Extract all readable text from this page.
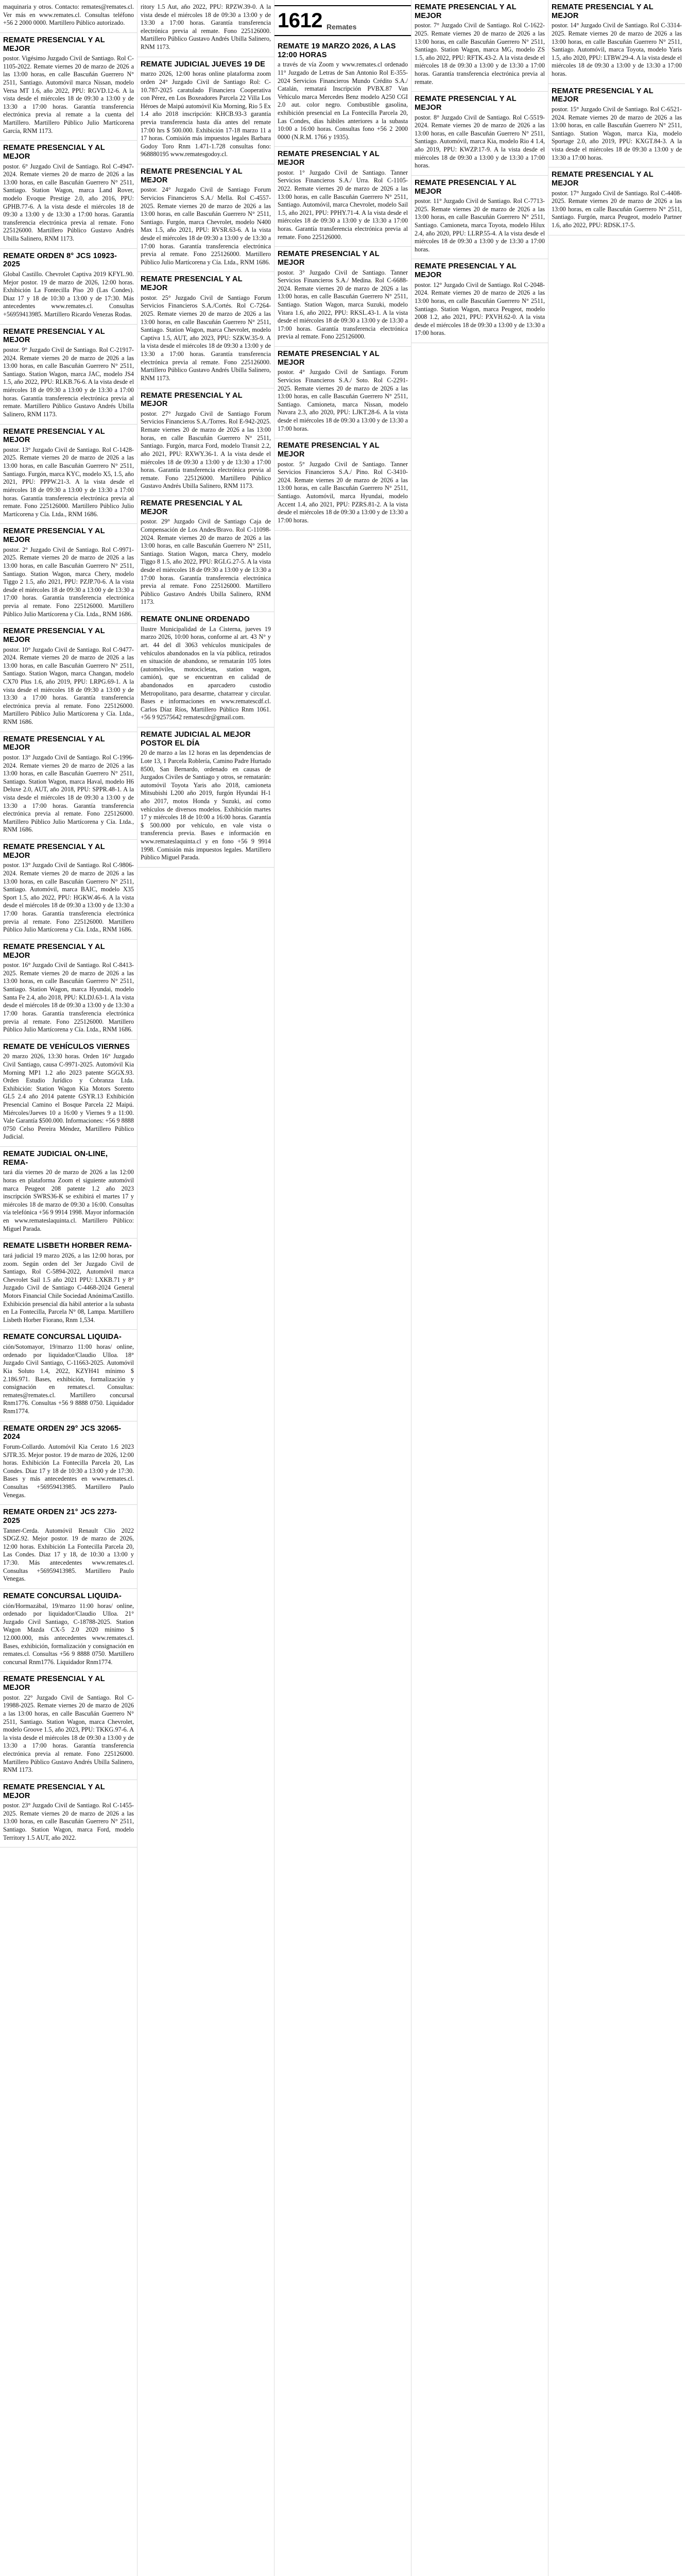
maquinaria y otros. Contacto: remates@remates.cl. Ver más en www.remates.cl. Consultas teléfono +56 2 2000 0000. Martillero Público autorizado.
REMATE PRESENCIAL Y AL MEJOR
postor. Vigésimo Juzgado Civil de Santiago. Rol C-1105-2022. Remate viernes 20 de marzo de 2026 a las 13:00 horas, en calle Bascuñán Guerrero N° 2511, Santiago. Automóvil marca Nissan, modelo Versa MT 1.6, año 2022, PPU: RGVD.12-6. A la vista desde el miércoles 18 de 09:30 a 13:00 y de 13:30 a 17:00 horas. Garantía transferencia electrónica previa al remate a la cuenta del Martillero. Martillero Público Julio Martícorena García, RNM 1173.
REMATE PRESENCIAL Y AL MEJOR
postor. 6° Juzgado Civil de Santiago. Rol C-4947-2024. Remate viernes 20 de marzo de 2026 a las 13:00 horas, en calle Bascuñán Guerrero N° 2511, Santiago. Station Wagon, marca Land Rover, modelo Evoque Prestige 2.0, año 2016, PPU: GPHB.77-6. A la vista desde el miércoles 18 de 09:30 a 13:00 y de 13:30 a 17:00 horas. Garantía transferencia electrónica previa al remate. Fono 225126000. Martillero Público Gustavo Andrés Ubilla Salinero, RNM 1173.
REMATE ORDEN 8° JCS 10923-2025
Global Castillo. Chevrolet Captiva 2019 KFYL.90. Mejor postor. 19 de marzo de 2026, 12:00 horas. Exhibición La Fontecilla Piso 20 (Las Condes). Diaz 17 y 18 de 10:30 a 13:00 y de 17:30. Más antecedentes www.remates.cl. Consultas +56959413985. Martillero Ricardo Venezas Rodas.
REMATE PRESENCIAL Y AL MEJOR
postor. 9° Juzgado Civil de Santiago. Rol C-21917-2024. Remate viernes 20 de marzo de 2026 a las 13:00 horas, en calle Bascuñán Guerrero N° 2511, Santiago. Station Wagon, marca JAC, modelo JS4 1.5, año 2022, PPU: RLKB.76-6. A la vista desde el miércoles 18 de 09:30 a 13:00 y de 13:30 a 17:00 horas. Garantía transferencia electrónica previa al remate. Martillero Público Gustavo Andrés Ubilla Salinero, RNM 1173.
REMATE PRESENCIAL Y AL MEJOR
postor. 13° Juzgado Civil de Santiago. Rol C-1428-2025. Remate viernes 20 de marzo de 2026 a las 13:00 horas, en calle Bascuñán Guerrero N° 2511, Santiago. Furgón, marca KYC, modelo X5, 1.5, año 2021, PPU: PPPW.21-3. A la vista desde el miércoles 18 de 09:30 a 13:00 y de 13:30 a 17:00 horas. Garantía transferencia electrónica previa al remate. Fono 225126000. Martillero Público Julio Martícorena y Cía. Ltda., RNM 1686.
REMATE PRESENCIAL Y AL MEJOR
postor. 2° Juzgado Civil de Santiago. Rol C-9971-2025. Remate viernes 20 de marzo de 2026 a las 13:00 horas, en calle Bascuñán Guerrero N° 2511, Santiago. Station Wagon, marca Chery, modelo Tiggo 2 1.5, año 2021, PPU: PZJP.70-6. A la vista desde el miércoles 18 de 09:30 a 13:00 y de 13:30 a 17:00 horas. Garantía transferencia electrónica previa al remate. Fono 225126000. Martillero Público Julio Martícorena y Cía. Ltda., RNM 1686.
REMATE PRESENCIAL Y AL MEJOR
postor. 10° Juzgado Civil de Santiago. Rol C-9477-2024. Remate viernes 20 de marzo de 2026 a las 13:00 horas, en calle Bascuñán Guerrero N° 2511, Santiago. Station Wagon, marca Changan, modelo CX70 Plus 1.6, año 2019, PPU: LRPG.69-1. A la vista desde el miércoles 18 de 09:30 a 13:00 y de 13:30 a 17:00 horas. Garantía transferencia electrónica previa al remate. Fono 225126000. Martillero Público Julio Martícorena y Cía. Ltda., RNM 1686.
REMATE PRESENCIAL Y AL MEJOR
postor. 13° Juzgado Civil de Santiago. Rol C-1996-2024. Remate viernes 20 de marzo de 2026 a las 13:00 horas, en calle Bascuñán Guerrero N° 2511, Santiago. Station Wagon, marca Haval, modelo H6 Deluxe 2.0, AUT, año 2018, PPU: SPPR.48-1. A la vista desde el miércoles 18 de 09:30 a 13:00 y de 13:30 a 17:00 horas. Garantía transferencia electrónica previa al remate. Fono 225126000. Martillero Público Julio Martícorena y Cía. Ltda., RNM 1686.
REMATE PRESENCIAL Y AL MEJOR
postor. 13° Juzgado Civil de Santiago. Rol C-9806-2024. Remate viernes 20 de marzo de 2026 a las 13:00 horas, en calle Bascuñán Guerrero N° 2511, Santiago. Automóvil, marca BAIC, modelo X35 Sport 1.5, año 2022, PPU: HGKW.46-6. A la vista desde el miércoles 18 de 09:30 a 13:00 y de 13:30 a 17:00 horas. Garantía transferencia electrónica previa al remate. Fono 225126000. Martillero Público Julio Martícorena y Cía. Ltda., RNM 1686.
REMATE PRESENCIAL Y AL MEJOR
postor. 16° Juzgado Civil de Santiago. Rol C-8413-2025. Remate viernes 20 de marzo de 2026 a las 13:00 horas, en calle Bascuñán Guerrero N° 2511, Santiago. Station Wagon, marca Hyundai, modelo Santa Fe 2.4, año 2018, PPU: KLDJ.63-1. A la vista desde el miércoles 18 de 09:30 a 13:00 y de 13:30 a 17:00 horas. Garantía transferencia electrónica previa al remate. Fono 225126000. Martillero Público Julio Martícorena y Cía. Ltda., RNM 1686.
REMATE DE VEHÍCULOS VIERNES
20 marzo 2026, 13:30 horas. Orden 16° Juzgado Civil Santiago, causa C-9971-2025. Automóvil Kia Morning MP1 1.2 año 2023 patente SGGX.93. Orden Estudio Jurídico y Cobranza Ltda. Exhibición: Station Wagon Kia Motors Sorento GL5 2.4 año 2014 patente GSYR.13 Exhibición Presencial Camino el Bosque Parcela 22 Maipú. Miércoles/Jueves 10 a 16:00 y Viernes 9 a 11:00. Vale Garantía $500.000. Informaciones: +56 9 8888 0750 Celso Pereira Méndez, Martillero Público Judicial.
REMATE JUDICIAL ON-LINE, REMA-
tará día viernes 20 de marzo de 2026 a las 12:00 horas en plataforma Zoom el siguiente automóvil marca Peugeot 208 patente 1.2 año 2023 inscripción SWRS36-K se exhibirá el martes 17 y miércoles 18 de marzo de 09:30 a 16:00. Consultas vía telefónica +56 9 9914 1998. Mayor información en www.remateslaquinta.cl. Martillero Público: Miguel Parada.
REMATE LISBETH HORBER REMA-
tará judicial 19 marzo 2026, a las 12:00 horas, por zoom. Según orden del 3er Juzgado Civil de Santiago, Rol C-5894-2022, Automóvil marca Chevrolet Sail 1.5 año 2021 PPU: LXKB.71 y 8° Juzgado Civil de Santiago C-4468-2024 General Motors Financial Chile Sociedad Anónima/Castillo. Exhibición presencial día hábil anterior a la subasta en La Fontecilla, Parcela N° 08, Lampa. Martillero Lisbeth Horber Fiorano, Rnm 1,534.
REMATE CONCURSAL LIQUIDA-
ción/Sotomayor, 19/marzo 11:00 horas/ online, ordenado por liquidador/Claudio Ulloa. 18° Juzgado Civil Santiago, C-11663-2025. Automóvil Kia Soluto 1.4, 2022, KZYH41 mínimo $ 2.186.971. Bases, exhibición, formalización y consignación en remates.cl. Consultas: remates@remates.cl. Martillero concursal Rnm1776. Consultas +56 9 8888 0750. Liquidador Rnm1774.
REMATE ORDEN 29° JCS 32065-2024
Forum-Collardo. Automóvil Kia Cerato 1.6 2023 SJTR.35. Mejor postor. 19 de marzo de 2026, 12:00 horas. Exhibición La Fontecilla Parcela 20, Las Condes. Diaz 17 y 18 de 10:30 a 13:00 y de 17:30. Bases y más antecedentes en www.remates.cl. Consultas +56959413985. Martillero Paulo Venegas.
REMATE ORDEN 21° JCS 2273-2025
Tanner-Cerda. Automóvil Renault Clio 2022 SDGZ.92. Mejor postor. 19 de marzo de 2026, 12:00 horas. Exhibición La Fontecilla Parcela 20, Las Condes. Diaz 17 y 18, de 10:30 a 13:00 y 17:30. Más antecedentes www.remates.cl. Consultas +56959413985. Martillero Paulo Venegas.
REMATE CONCURSAL LIQUIDA-
ción/Hormazábal, 19/marzo 11:00 horas/ online, ordenado por liquidador/Claudio Ulloa. 21° Juzgado Civil Santiago, C-18788-2025. Station Wagon Mazda CX-5 2.0 2020 mínimo $ 12.000.000, más antecedentes www.remates.cl. Bases, exhibición, formalización y consignación en remates.cl. Consultas +56 9 8888 0750. Martillero concursal Rnm1776. Liquidador Rnm1774.
REMATE PRESENCIAL Y AL MEJOR
postor. 22° Juzgado Civil de Santiago. Rol C-19988-2025. Remate viernes 20 de marzo de 2026 a las 13:00 horas, en calle Bascuñán Guerrero N° 2511, Santiago. Station Wagon, marca Chevrolet, modelo Groove 1.5, año 2023, PPU: TKKG.97-6. A la vista desde el miércoles 18 de 09:30 a 13:00 y de 13:30 a 17:00 horas. Garantía transferencia electrónica previa al remate. Fono 225126000. Martillero Público Gustavo Andrés Ubilla Salinero, RNM 1173.
REMATE PRESENCIAL Y AL MEJOR
postor. 23° Juzgado Civil de Santiago. Rol C-1455-2025. Remate viernes 20 de marzo de 2026 a las 13:00 horas, en calle Bascuñán Guerrero N° 2511, Santiago. Station Wagon, marca Ford, modelo Territory 1.5 AUT, año 2022.
ritory 1.5 Aut, año 2022, PPU: RPZW.39-0. A la vista desde el miércoles 18 de 09:30 a 13:00 y de 13:30 a 17:00 horas. Garantía transferencia electrónica previa al remate. Fono 225126000. Martillero Público Gustavo Andrés Ubilla Salinero, RNM 1173.
REMATE JUDICIAL JUEVES 19 DE
marzo 2026, 12:00 horas online plataforma zoom orden 24° Juzgado Civil de Santiago Rol: C-10.787-2025 caratulado Financiera Cooperativa con Pérez, en Los Boxeadores Parcela 22 Villa Los Héroes de Maipú automóvil Kia Morning, Rio 5 Ex 1.4 año 2018 inscripción: KHCB.93-3 garantía previa transferencia hasta día antes del remate 17:00 hrs $ 500.000. Exhibición 17-18 marzo 11 a 17 horas. Comisión más impuestos legales Barbara Godoy Toro Rnm 1.471-1.728 consultas fono: 968880195 www.rematesgodoy.cl.
REMATE PRESENCIAL Y AL MEJOR
postor. 24° Juzgado Civil de Santiago Forum Servicios Financieros S.A./ Mella. Rol C-4557-2025. Remate viernes 20 de marzo de 2026 a las 13:00 horas, en calle Bascuñán Guerrero N° 2511, Santiago. Furgón, marca Chevrolet, modelo N400 Max 1.5, año 2021, PPU: RVSR.63-6. A la vista desde el miércoles 18 de 09:30 a 13:00 y de 13:30 a 17:00 horas. Garantía transferencia electrónica previa al remate. Fono 225126000. Martillero Público Julio Martícorena y Cía. Ltda., RNM 1686.
REMATE PRESENCIAL Y AL MEJOR
postor. 25° Juzgado Civil de Santiago Forum Servicios Financieros S.A./Cortés. Rol C-7264-2025. Remate viernes 20 de marzo de 2026 a las 13:00 horas, en calle Bascuñán Guerrero N° 2511, Santiago. Station Wagon, marca Chevrolet, modelo Captiva 1.5, AUT, año 2023, PPU: SZKW.35-9. A la vista desde el miércoles 18 de 09:30 a 13:00 y de 13:30 a 17:00 horas. Garantía transferencia electrónica previa al remate. Fono 225126000. Martillero Público Gustavo Andrés Ubilla Salinero, RNM 1173.
REMATE PRESENCIAL Y AL MEJOR
postor. 27° Juzgado Civil de Santiago Forum Servicios Financieros S.A./Torres. Rol E-942-2025. Remate viernes 20 de marzo de 2026 a las 13:00 horas, en calle Bascuñán Guerrero N° 2511, Santiago. Furgón, marca Ford, modelo Transit 2.2, año 2021, PPU: RXWY.36-1. A la vista desde el miércoles 18 de 09:30 a 13:00 y de 13:30 a 17:00 horas. Garantía transferencia electrónica previa al remate. Fono 225126000. Martillero Público Gustavo Andrés Ubilla Salinero, RNM 1173.
REMATE PRESENCIAL Y AL MEJOR
postor. 29° Juzgado Civil de Santiago Caja de Compensación de Los Andes/Bravo. Rol C-11098-2024. Remate viernes 20 de marzo de 2026 a las 13:00 horas, en calle Bascuñán Guerrero N° 2511, Santiago. Station Wagon, marca Chery, modelo Tiggo 8 1.5, año 2022, PPU: RGLG.27-5. A la vista desde el miércoles 18 de 09:30 a 13:00 y de 13:30 a 17:00 horas. Garantía transferencia electrónica previa al remate. Fono 225126000. Martillero Público Gustavo Andrés Ubilla Salinero, RNM 1173.
REMATE ONLINE ORDENADO
Ilustre Municipalidad de La Cisterna, jueves 19 marzo 2026, 10:00 horas, conforme al art. 43 N° y art. 44 del dl 3063 vehículos municipales de vehículos abandonados en la vía pública, retirados en situación de abandono, se rematarán 105 lotes (automóviles, motocicletas, station wagon, camión), que se encuentran en calidad de abandonados en aparcadero custodio Metropolitano, para desarme, chatarrear y circular. Bases e informaciones en www.rematescdf.cl. Carlos Díaz Ríos, Martillero Público Rnm 1061. +56 9 92575642 rematescdr@gmail.com.
REMATE JUDICIAL AL MEJOR POSTOR EL DÍA
20 de marzo a las 12 horas en las dependencias de Lote 13, 1 Parcela Roblería, Camino Padre Hurtado 8500, San Bernardo, ordenado en causas de Juzgados Civiles de Santiago y otros, se rematarán: automóvil Toyota Yaris año 2018, camioneta Mitsubishi L200 año 2019, furgón Hyundai H-1 año 2017, motos Honda y Suzuki, así como vehículos de diversos modelos. Exhibición martes 17 y miércoles 18 de 10:00 a 16:00 horas. Garantía $ 500.000 por vehículo, en vale vista o transferencia previa. Bases e información en www.remateslaquinta.cl y en fono +56 9 9914 1998. Comisión más impuestos legales. Martillero Público Miguel Parada.
1612 Remates
REMATE 19 MARZO 2026, A LAS 12:00 HORAS
a través de vía Zoom y www.remates.cl ordenado 11° Juzgado de Letras de San Antonio Rol E-355-2024 Servicios Financieros Mundo Crédito S.A./ Catalán, rematará Inscripción PVBX.87 Van Vehículo marca Mercedes Benz modelo A250 CGI 2.0 aut. color negro. Combustible gasolina, exhibición presencial en La Fontecilla Parcela 20, Las Condes, días hábiles anteriores a la subasta 10:00 a 16:00 horas. Consultas fono +56 2 2000 0000 (N.R.M. 1766 y 1935).
REMATE PRESENCIAL Y AL MEJOR
postor. 1° Juzgado Civil de Santiago. Tanner Servicios Financieros S.A./ Urra. Rol C-1105-2022. Remate viernes 20 de marzo de 2026 a las 13:00 horas, en calle Bascuñán Guerrero N° 2511, Santiago. Automóvil, marca Chevrolet, modelo Sail 1.5, año 2021, PPU: PPHY.71-4. A la vista desde el miércoles 18 de 09:30 a 13:00 y de 13:30 a 17:00 horas. Garantía transferencia electrónica previa al remate. Fono 225126000.
REMATE PRESENCIAL Y AL MEJOR
postor. 3° Juzgado Civil de Santiago. Tanner Servicios Financieros S.A./ Medina. Rol C-6688-2024. Remate viernes 20 de marzo de 2026 a las 13:00 horas, en calle Bascuñán Guerrero N° 2511, Santiago. Station Wagon, marca Suzuki, modelo Vitara 1.6, año 2022, PPU: RKSL.43-1. A la vista desde el miércoles 18 de 09:30 a 13:00 y de 13:30 a 17:00 horas. Garantía transferencia electrónica previa al remate. Fono 225126000.
REMATE PRESENCIAL Y AL MEJOR
postor. 4° Juzgado Civil de Santiago. Forum Servicios Financieros S.A./ Soto. Rol C-2291-2025. Remate viernes 20 de marzo de 2026 a las 13:00 horas, en calle Bascuñán Guerrero N° 2511, Santiago. Camioneta, marca Nissan, modelo Navara 2.3, año 2020, PPU: LJKT.28-6. A la vista desde el miércoles 18 de 09:30 a 13:00 y de 13:30 a 17:00 horas.
REMATE PRESENCIAL Y AL MEJOR
postor. 5° Juzgado Civil de Santiago. Tanner Servicios Financieros S.A./ Pino. Rol C-3410-2024. Remate viernes 20 de marzo de 2026 a las 13:00 horas, en calle Bascuñán Guerrero N° 2511, Santiago. Automóvil, marca Hyundai, modelo Accent 1.4, año 2021, PPU: PZRS.81-2. A la vista desde el miércoles 18 de 09:30 a 13:00 y de 13:30 a 17:00 horas.
REMATE PRESENCIAL Y AL MEJOR
postor. 7° Juzgado Civil de Santiago. Rol C-1622-2025. Remate viernes 20 de marzo de 2026 a las 13:00 horas, en calle Bascuñán Guerrero N° 2511, Santiago. Station Wagon, marca MG, modelo ZS 1.5, año 2022, PPU: RFTK.43-2. A la vista desde el miércoles 18 de 09:30 a 13:00 y de 13:30 a 17:00 horas. Garantía transferencia electrónica previa al remate.
REMATE PRESENCIAL Y AL MEJOR
postor. 8° Juzgado Civil de Santiago. Rol C-5519-2024. Remate viernes 20 de marzo de 2026 a las 13:00 horas, en calle Bascuñán Guerrero N° 2511, Santiago. Automóvil, marca Kia, modelo Rio 4 1.4, año 2019, PPU: KWZP.17-9. A la vista desde el miércoles 18 de 09:30 a 13:00 y de 13:30 a 17:00 horas.
REMATE PRESENCIAL Y AL MEJOR
postor. 11° Juzgado Civil de Santiago. Rol C-7713-2025. Remate viernes 20 de marzo de 2026 a las 13:00 horas, en calle Bascuñán Guerrero N° 2511, Santiago. Camioneta, marca Toyota, modelo Hilux 2.4, año 2020, PPU: LLRP.55-4. A la vista desde el miércoles 18 de 09:30 a 13:00 y de 13:30 a 17:00 horas.
REMATE PRESENCIAL Y AL MEJOR
postor. 12° Juzgado Civil de Santiago. Rol C-2048-2024. Remate viernes 20 de marzo de 2026 a las 13:00 horas, en calle Bascuñán Guerrero N° 2511, Santiago. Station Wagon, marca Peugeot, modelo 2008 1.2, año 2021, PPU: PXVH.62-0. A la vista desde el miércoles 18 de 09:30 a 13:00 y de 13:30 a 17:00 horas.
REMATE PRESENCIAL Y AL MEJOR
postor. 14° Juzgado Civil de Santiago. Rol C-3314-2025. Remate viernes 20 de marzo de 2026 a las 13:00 horas, en calle Bascuñán Guerrero N° 2511, Santiago. Automóvil, marca Toyota, modelo Yaris 1.5, año 2020, PPU: LTBW.29-4. A la vista desde el miércoles 18 de 09:30 a 13:00 y de 13:30 a 17:00 horas.
REMATE PRESENCIAL Y AL MEJOR
postor. 15° Juzgado Civil de Santiago. Rol C-6521-2024. Remate viernes 20 de marzo de 2026 a las 13:00 horas, en calle Bascuñán Guerrero N° 2511, Santiago. Station Wagon, marca Kia, modelo Sportage 2.0, año 2019, PPU: KXGT.84-3. A la vista desde el miércoles 18 de 09:30 a 13:00 y de 13:30 a 17:00 horas.
REMATE PRESENCIAL Y AL MEJOR
postor. 17° Juzgado Civil de Santiago. Rol C-4408-2025. Remate viernes 20 de marzo de 2026 a las 13:00 horas, en calle Bascuñán Guerrero N° 2511, Santiago. Furgón, marca Peugeot, modelo Partner 1.6, año 2022, PPU: RDSK.17-5.
